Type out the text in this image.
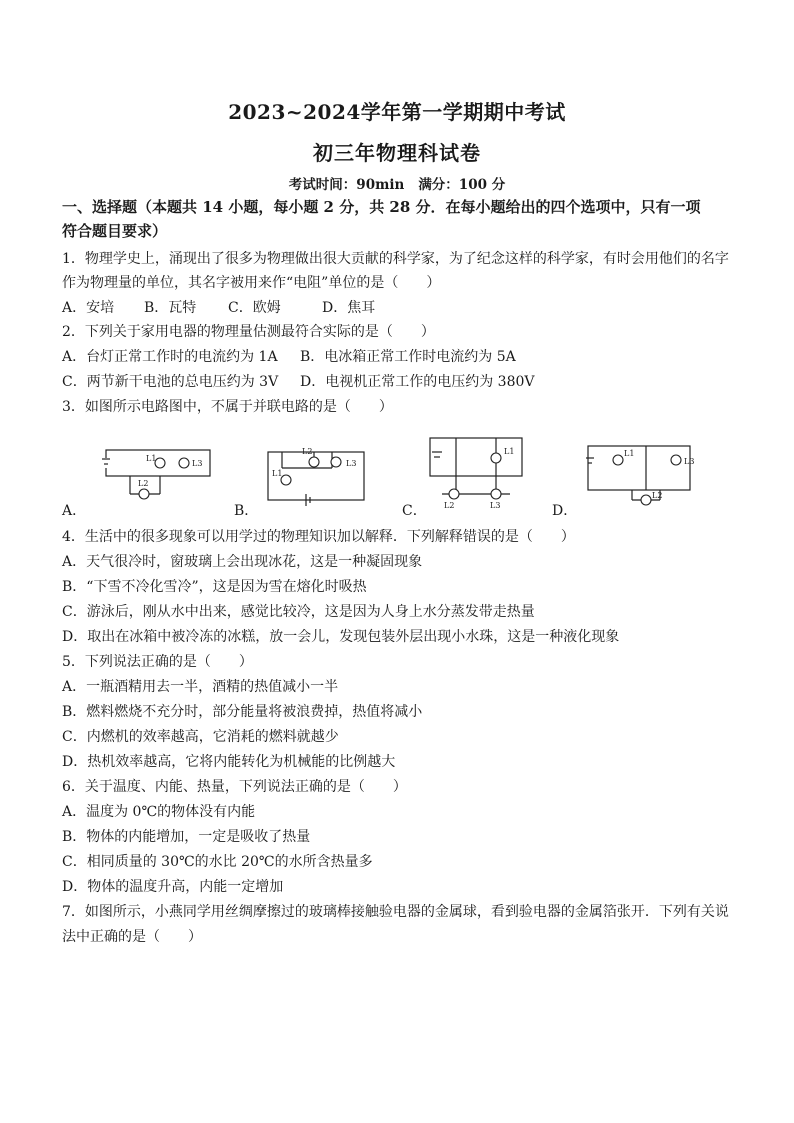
2023~2024学年第一学期期中考试
初三年物理科试卷
考试时间：90min 满分：100 分
一、选择题（本题共 14 小题，每小题 2 分，共 28 分．在每小题给出的四个选项中，只有一项
符合题目要求）
1．物理学史上，涌现出了很多为物理做出很大贡献的科学家，为了纪念这样的科学家，有时会用他们的名字
作为物理量的单位，其名字被用来作“电阻”单位的是（　　）
A．安培 B．瓦特 C．欧姆	D．焦耳
2．下列关于家用电器的物理量估测最符合实际的是（　　）
A．台灯正常工作时的电流约为 1A B．电冰箱正常工作时电流约为 5A
C．两节新干电池的总电压约为 3V D．电视机正常工作的电压约为 380V
3．如图所示电路图中，不属于并联电路的是（　　）
A．
L1
L3
L2
B．
L1
L2
L3
C．
L1
L2	L3	D．
L1
L3
L2
4．生活中的很多现象可以用学过的物理知识加以解释．下列解释错误的是（　　）
A．天气很冷时，窗玻璃上会出现冰花，这是一种凝固现象
B．“下雪不冷化雪冷”，这是因为雪在熔化时吸热
C．游泳后，刚从水中出来，感觉比较冷，这是因为人身上水分蒸发带走热量
D．取出在冰箱中被冷冻的冰糕，放一会儿，发现包装外层出现小水珠，这是一种液化现象
5．下列说法正确的是（　　）
A．一瓶酒精用去一半，酒精的热值减小一半
B．燃料燃烧不充分时，部分能量将被浪费掉，热值将减小
C．内燃机的效率越高，它消耗的燃料就越少
D．热机效率越高，它将内能转化为机械能的比例越大
6．关于温度、内能、热量，下列说法正确的是（　　）
A．温度为 0℃的物体没有内能
B．物体的内能增加，一定是吸收了热量
C．相同质量的 30℃的水比 20℃的水所含热量多
D．物体的温度升高，内能一定增加
7．如图所示，小燕同学用丝绸摩擦过的玻璃棒接触验电器的金属球，看到验电器的金属箔张开．下列有关说
法中正确的是（　　）
